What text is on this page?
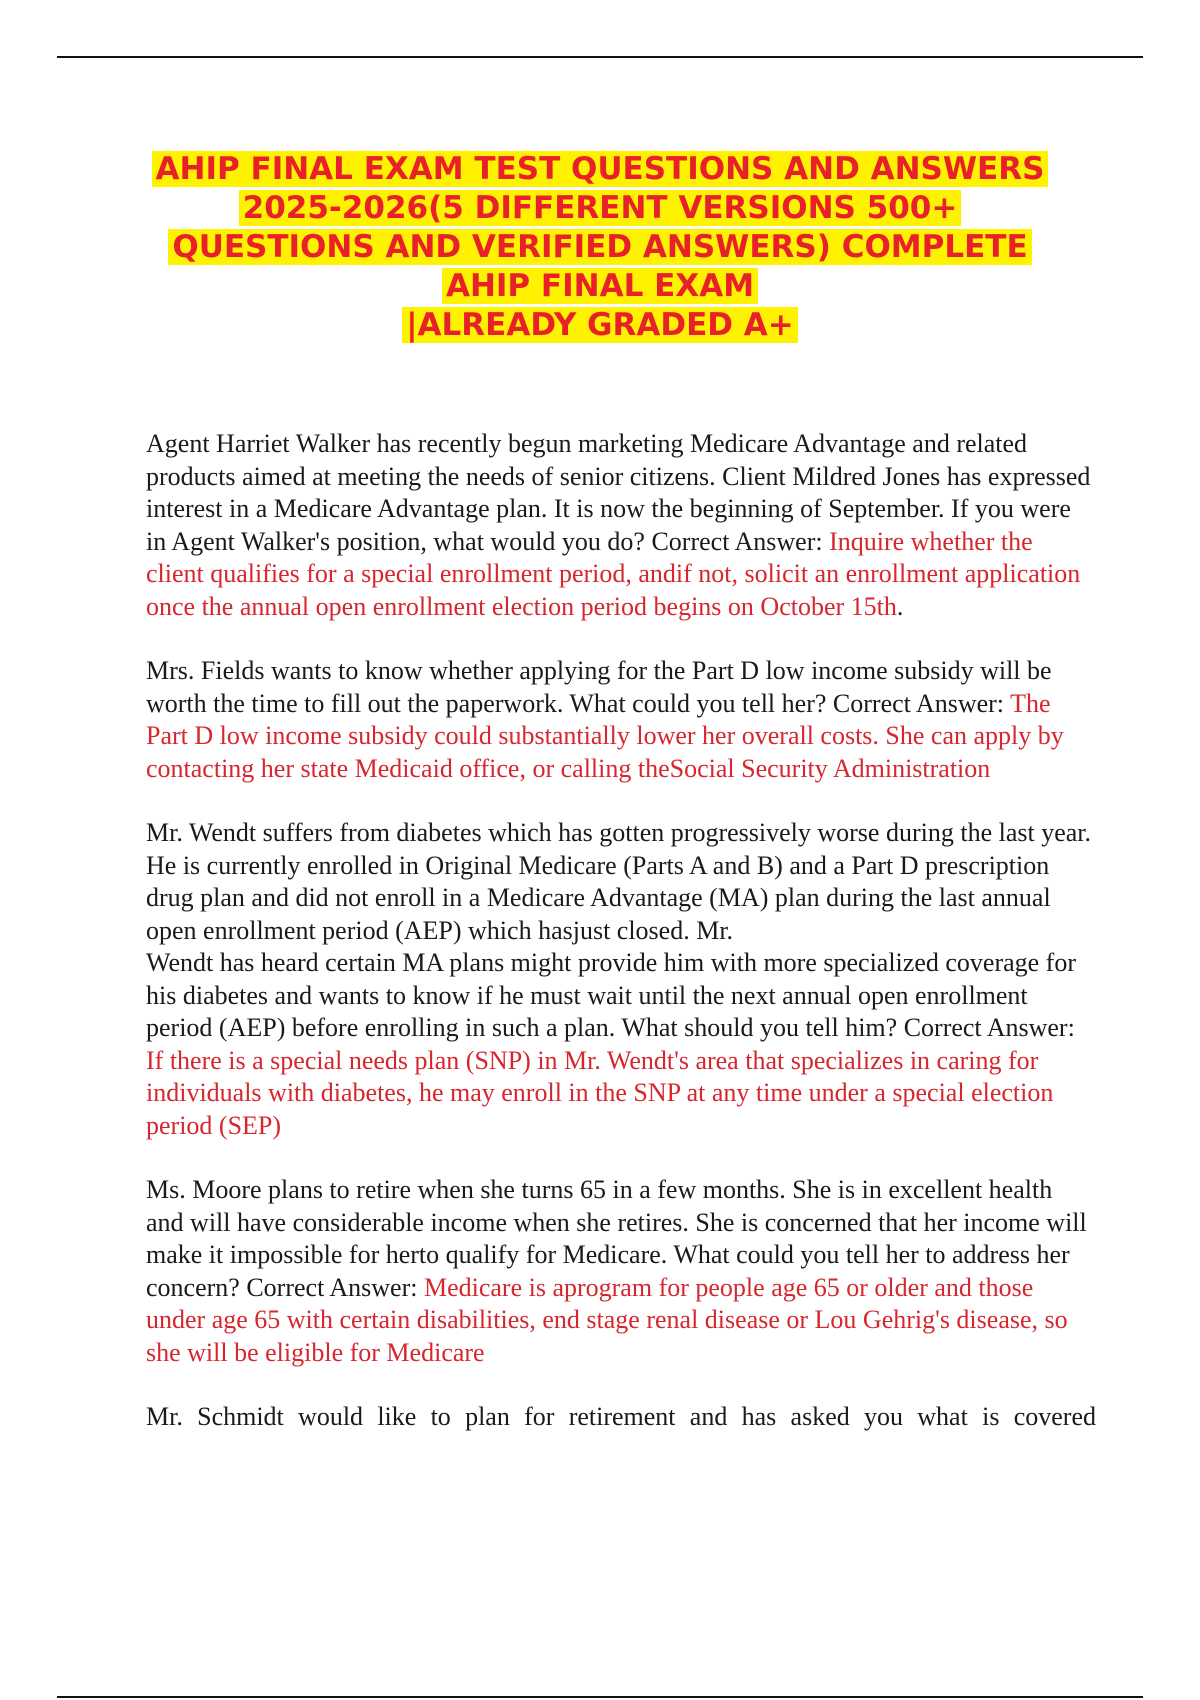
AHIP FINAL EXAM TEST QUESTIONS AND ANSWERS
2025-2026(5 DIFFERENT VERSIONS 500+
QUESTIONS AND VERIFIED ANSWERS) COMPLETE
AHIP FINAL EXAM
|ALREADY GRADED A+

Agent Harriet Walker has recently begun marketing Medicare Advantage and related products aimed at meeting the needs of senior citizens. Client Mildred Jones has expressed interest in a Medicare Advantage plan. It is now the beginning of September. If you were in Agent Walker's position, what would you do? Correct Answer: Inquire whether the client qualifies for a special enrollment period, andif not, solicit an enrollment application once the annual open enrollment election period begins on October 15th.

Mrs. Fields wants to know whether applying for the Part D low income subsidy will be worth the time to fill out the paperwork. What could you tell her? Correct Answer: The Part D low income subsidy could substantially lower her overall costs. She can apply by contacting her state Medicaid office, or calling theSocial Security Administration

Mr. Wendt suffers from diabetes which has gotten progressively worse during the last year. He is currently enrolled in Original Medicare (Parts A and B) and a Part D prescription drug plan and did not enroll in a Medicare Advantage (MA) plan during the last annual open enrollment period (AEP) which hasjust closed. Mr.
Wendt has heard certain MA plans might provide him with more specialized coverage for his diabetes and wants to know if he must wait until the next annual open enrollment period (AEP) before enrolling in such a plan. What should you tell him? Correct Answer: If there is a special needs plan (SNP) in Mr. Wendt's area that specializes in caring for individuals with diabetes, he may enroll in the SNP at any time under a special election period (SEP)

Ms. Moore plans to retire when she turns 65 in a few months. She is in excellent health and will have considerable income when she retires. She is concerned that her income will make it impossible for herto qualify for Medicare. What could you tell her to address her concern? Correct Answer: Medicare is aprogram for people age 65 or older and those under age 65 with certain disabilities, end stage renal disease or Lou Gehrig's disease, so she will be eligible for Medicare

Mr. Schmidt would like to plan for retirement and has asked you what is covered
